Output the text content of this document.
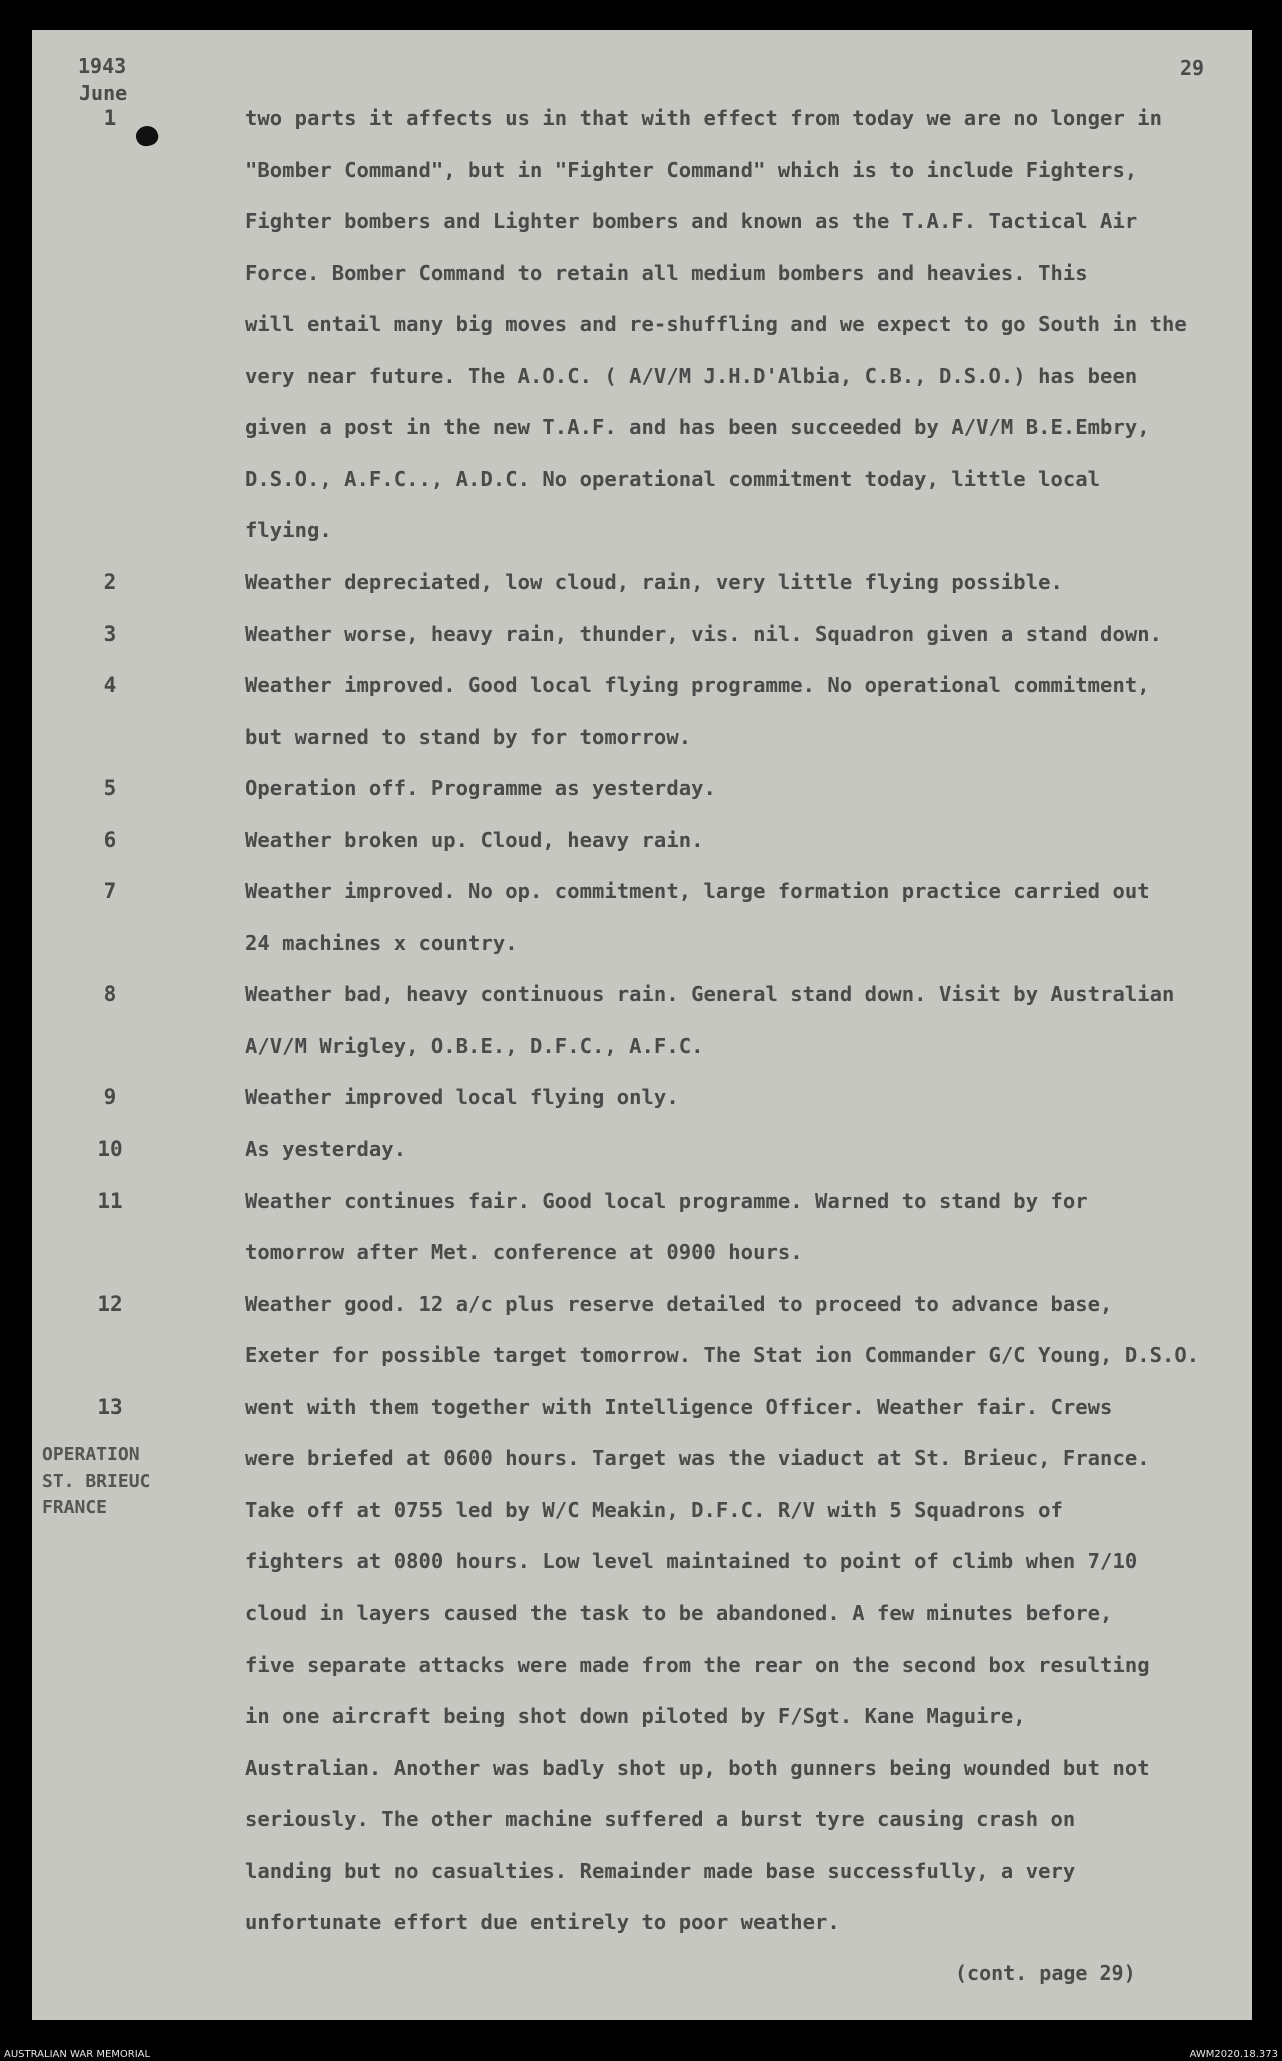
1943
June
29
1	two parts it affects us in that with effect from today we are no longer in
"Bomber Command", but in "Fighter Command" which is to include Fighters,
Fighter bombers and Lighter bombers and known as the T.A.F. Tactical Air
Force. Bomber Command to retain all medium bombers and heavies. This
will entail many big moves and re-shuffling and we expect to go South in the
very near future. The A.O.C. ( A/V/M J.H.D'Albia, C.B., D.S.O.) has been
given a post in the new T.A.F. and has been succeeded by A/V/M B.E.Embry,
D.S.O., A.F.C.., A.D.C. No operational commitment today, little local
flying.
2	Weather depreciated, low cloud, rain, very little flying possible.
3	Weather worse, heavy rain, thunder, vis. nil. Squadron given a stand down.
4	Weather improved. Good local flying programme. No operational commitment,
but warned to stand by for tomorrow.
5	Operation off. Programme as yesterday.
6	Weather broken up. Cloud, heavy rain.
7	Weather improved. No op. commitment, large formation practice carried out
24 machines x country.
8	Weather bad, heavy continuous rain. General stand down. Visit by Australian
A/V/M Wrigley, O.B.E., D.F.C., A.F.C.
9	Weather improved local flying only.
10	As yesterday.
11	Weather continues fair. Good local programme. Warned to stand by for
tomorrow after Met. conference at 0900 hours.
12	Weather good. 12 a/c plus reserve detailed to proceed to advance base,
Exeter for possible target tomorrow. The Stat ion Commander G/C Young, D.S.O.
13	went with them together with Intelligence Officer. Weather fair. Crews
were briefed at 0600 hours. Target was the viaduct at St. Brieuc, France.
Take off at 0755 led by W/C Meakin, D.F.C. R/V with 5 Squadrons of
fighters at 0800 hours. Low level maintained to point of climb when 7/10
cloud in layers caused the task to be abandoned. A few minutes before,
five separate attacks were made from the rear on the second box resulting
in one aircraft being shot down piloted by F/Sgt. Kane Maguire,
Australian. Another was badly shot up, both gunners being wounded but not
seriously. The other machine suffered a burst tyre causing crash on
landing but no casualties. Remainder made base successfully, a very
unfortunate effort due entirely to poor weather.
OPERATION
ST. BRIEUC
FRANCE
(cont. page 29)
AUSTRALIAN WAR MEMORIAL	AWM2020.18.373
